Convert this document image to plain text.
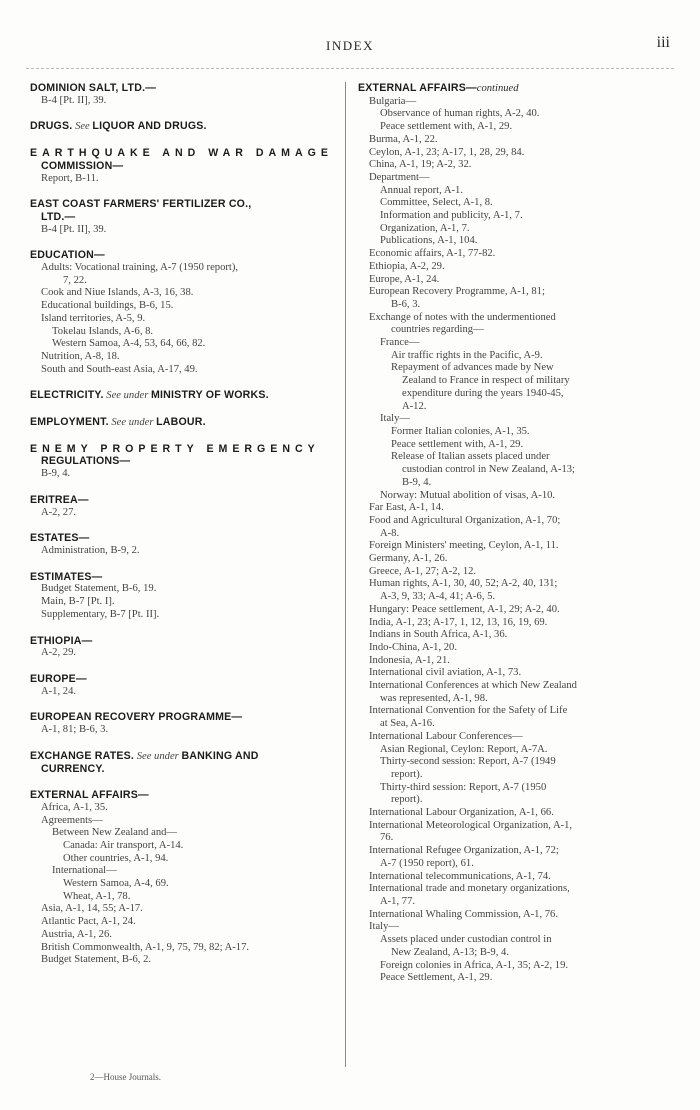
INDEX	iii
DOMINION SALT, LTD.—
B-4 [Pt. II], 39.
DRUGS. See LIQUOR AND DRUGS.
EARTHQUAKE AND WAR DAMAGE
COMMISSION—
Report, B-11.
EAST COAST FARMERS' FERTILIZER CO.,
LTD.—
B-4 [Pt. II], 39.
EDUCATION—
Adults: Vocational training, A-7 (1950 report),
7, 22.
Cook and Niue Islands, A-3, 16, 38.
Educational buildings, B-6, 15.
Island territories, A-5, 9.
Tokelau Islands, A-6, 8.
Western Samoa, A-4, 53, 64, 66, 82.
Nutrition, A-8, 18.
South and South-east Asia, A-17, 49.
ELECTRICITY. See under MINISTRY OF WORKS.
EMPLOYMENT. See under LABOUR.
ENEMY PROPERTY EMERGENCY
REGULATIONS—
B-9, 4.
ERITREA—
A-2, 27.
ESTATES—
Administration, B-9, 2.
ESTIMATES—
Budget Statement, B-6, 19.
Main, B-7 [Pt. I].
Supplementary, B-7 [Pt. II].
ETHIOPIA—
A-2, 29.
EUROPE—
A-1, 24.
EUROPEAN RECOVERY PROGRAMME—
A-1, 81; B-6, 3.
EXCHANGE RATES. See under BANKING AND
CURRENCY.
EXTERNAL AFFAIRS—
Africa, A-1, 35.
Agreements—
Between New Zealand and—
Canada: Air transport, A-14.
Other countries, A-1, 94.
International—
Western Samoa, A-4, 69.
Wheat, A-1, 78.
Asia, A-1, 14, 55; A-17.
Atlantic Pact, A-1, 24.
Austria, A-1, 26.
British Commonwealth, A-1, 9, 75, 79, 82; A-17.
Budget Statement, B-6, 2.
EXTERNAL AFFAIRS—continued
Bulgaria—
Observance of human rights, A-2, 40.
Peace settlement with, A-1, 29.
Burma, A-1, 22.
Ceylon, A-1, 23; A-17, 1, 28, 29, 84.
China, A-1, 19; A-2, 32.
Department—
Annual report, A-1.
Committee, Select, A-1, 8.
Information and publicity, A-1, 7.
Organization, A-1, 7.
Publications, A-1, 104.
Economic affairs, A-1, 77-82.
Ethiopia, A-2, 29.
Europe, A-1, 24.
European Recovery Programme, A-1, 81;
B-6, 3.
Exchange of notes with the undermentioned
countries regarding—
France—
Air traffic rights in the Pacific, A-9.
Repayment of advances made by New
Zealand to France in respect of military
expenditure during the years 1940-45,
A-12.
Italy—
Former Italian colonies, A-1, 35.
Peace settlement with, A-1, 29.
Release of Italian assets placed under
custodian control in New Zealand, A-13;
B-9, 4.
Norway: Mutual abolition of visas, A-10.
Far East, A-1, 14.
Food and Agricultural Organization, A-1, 70;
A-8.
Foreign Ministers' meeting, Ceylon, A-1, 11.
Germany, A-1, 26.
Greece, A-1, 27; A-2, 12.
Human rights, A-1, 30, 40, 52; A-2, 40, 131;
A-3, 9, 33; A-4, 41; A-6, 5.
Hungary: Peace settlement, A-1, 29; A-2, 40.
India, A-1, 23; A-17, 1, 12, 13, 16, 19, 69.
Indians in South Africa, A-1, 36.
Indo-China, A-1, 20.
Indonesia, A-1, 21.
International civil aviation, A-1, 73.
International Conferences at which New Zealand
was represented, A-1, 98.
International Convention for the Safety of Life
at Sea, A-16.
International Labour Conferences—
Asian Regional, Ceylon: Report, A-7A.
Thirty-second session: Report, A-7 (1949
report).
Thirty-third session: Report, A-7 (1950
report).
International Labour Organization, A-1, 66.
International Meteorological Organization, A-1,
76.
International Refugee Organization, A-1, 72;
A-7 (1950 report), 61.
International telecommunications, A-1, 74.
International trade and monetary organizations,
A-1, 77.
International Whaling Commission, A-1, 76.
Italy—
Assets placed under custodian control in
New Zealand, A-13; B-9, 4.
Foreign colonies in Africa, A-1, 35; A-2, 19.
Peace Settlement, A-1, 29.
2—House Journals.
